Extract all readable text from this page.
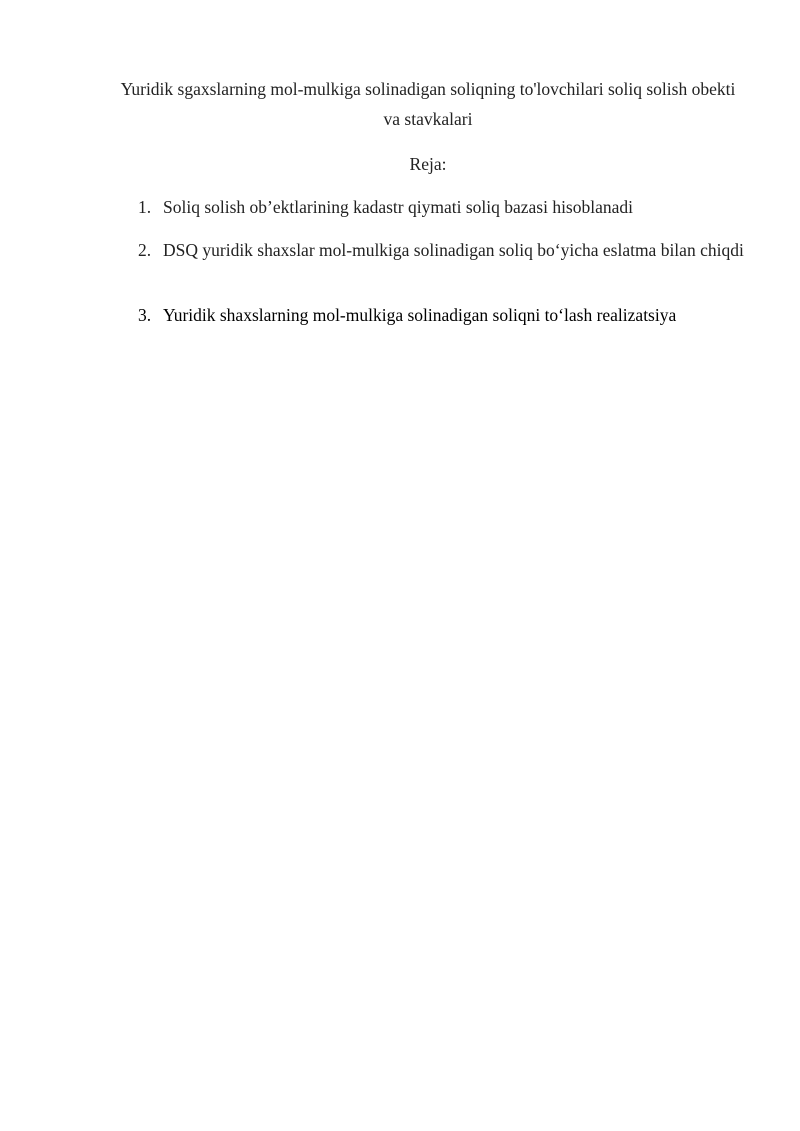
Yuridik sgaxslarning mol-mulkiga solinadigan soliqning to'lovchilari soliq solish obekti va stavkalari
Reja:
1. Soliq solish ob’ektlarining kadastr qiymati soliq bazasi hisoblanadi
2. DSQ yuridik shaxslar mol-mulkiga solinadigan soliq bo‘yicha eslatma bilan chiqdi
3. Yuridik shaxslarning mol-mulkiga solinadigan soliqni to‘lash realizatsiya
